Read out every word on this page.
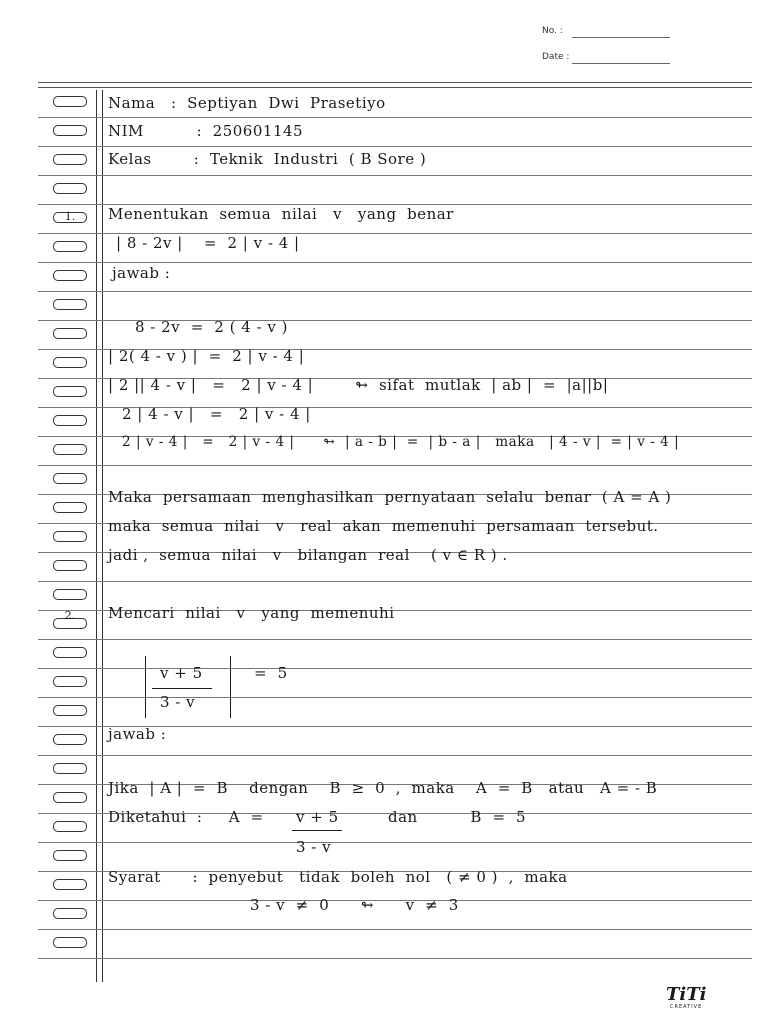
No. :
Date :
1.
2.
Nama   :  Septiyan  Dwi  Prasetiyo
NIM          :  250601145
Kelas        :  Teknik  Industri  ( B Sore )
Menentukan  semua  nilai   v   yang  benar
| 8 - 2v |    =  2 | v - 4 |
jawab :
8 - 2v  =  2 ( 4 - v )
| 2( 4 - v ) |  =  2 | v - 4 |
| 2 || 4 - v |   =   2 | v - 4 |        ↬  sifat  mutlak  | ab |  =  |a||b|
2 | 4 - v |   =   2 | v - 4 |
2 | v - 4 |   =   2 | v - 4 |      ↬  | a - b |  =  | b - a |   maka   | 4 - v |  = | v - 4 |
Maka  persamaan  menghasilkan  pernyataan  selalu  benar  ( A = A )
maka  semua  nilai   v   real  akan  memenuhi  persamaan  tersebut.
jadi ,  semua  nilai   v   bilangan  real    ( v ∈ R ) .
Mencari  nilai   v   yang  memenuhi
v + 5
3 - v
=  5
jawab :
Jika  | A |  =  B    dengan    B  ≥  0  ,  maka    A  =  B   atau   A = - B
Diketahui  :     A  = v + 5
3 - v
dan          B  =  5
Syarat      :  penyebut   tidak  boleh  nol   ( ≠ 0 )  ,  maka
3 - v  ≠  0      ↬      v  ≠  3
TiTi
CREATIVE
